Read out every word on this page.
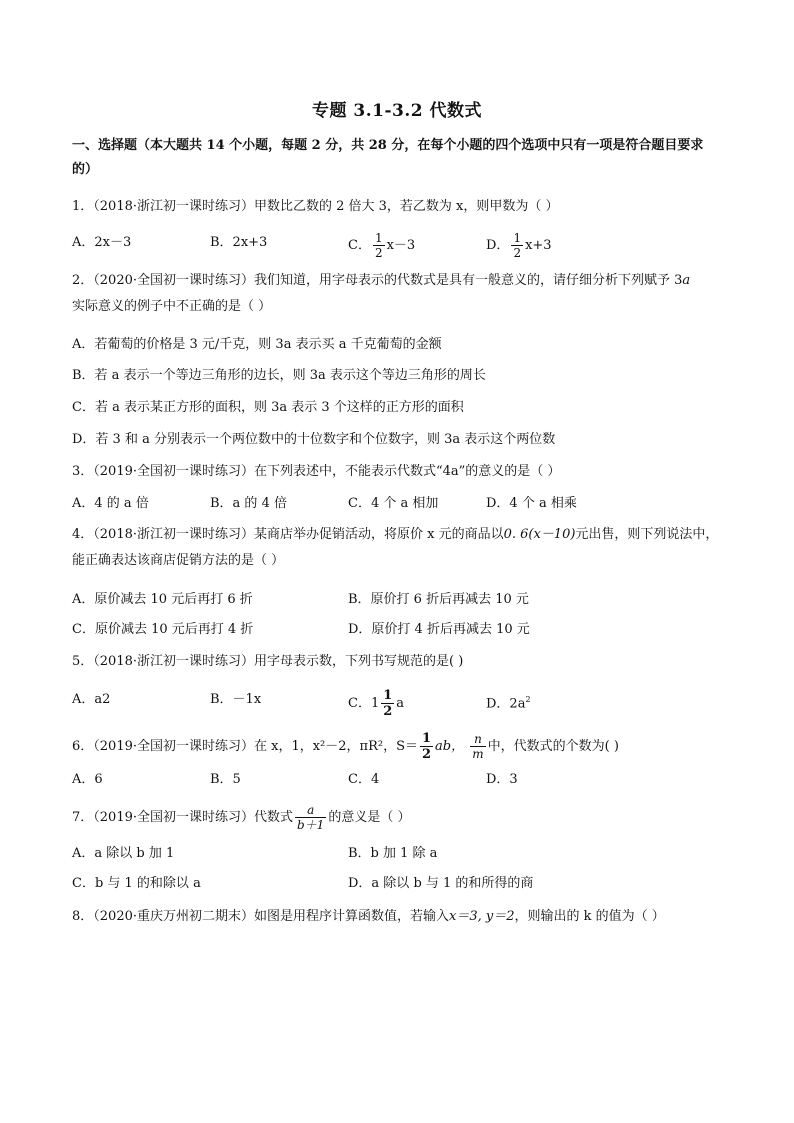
专题 3.1-3.2 代数式
一、选择题（本大题共 14 个小题，每题 2 分，共 28 分，在每个小题的四个选项中只有一项是符合题目要求的）
1．（2018·浙江初一课时练习）甲数比乙数的 2 倍大 3，若乙数为 x，则甲数为（ ）
A．2x－3	B．2x+3	C． $\frac{1}{2} x-3$	D． $\frac{1}{2} x+3$
2．（2020·全国初一课时练习）我们知道，用字母表示的代数式是具有一般意义的，请仔细分析下列赋予 3a
实际意义的例子中不正确的是（ ）
A．若葡萄的价格是 3 元/千克，则 3a 表示买 a 千克葡萄的金额
B．若 a 表示一个等边三角形的边长，则 3a 表示这个等边三角形的周长
C．若 a 表示某正方形的面积，则 3a 表示 3 个这样的正方形的面积
D．若 3 和 a 分别表示一个两位数中的十位数字和个位数字，则 3a 表示这个两位数
3．（2019·全国初一课时练习）在下列表述中，不能表示代数式“4a”的意义的是（ ）
A．4 的 a 倍	B．a 的 4 倍	C．4 个 a 相加	D．4 个 a 相乘
4．（2018·浙江初一课时练习）某商店举办促销活动，将原价 x 元的商品以0. 6(x－10)元出售，则下列说法中，能正确表达该商店促销方法的是（ ）
A．原价减去 10 元后再打 6 折	B．原价打 6 折后再减去 10 元
C．原价减去 10 元后再打 4 折	D．原价打 4 折后再减去 10 元
5．（2018·浙江初一课时练习）用字母表示数，下列书写规范的是( )
A．a2	B．－1x	C．$1 \frac{1}{2}$ a	D．$2a^2$
6．（2019·全国初一课时练习）在 x，1，x²－2，πR²，$S= \frac{1}{2}$ ab， $\frac{n}{m}$ 中，代数式的个数为( )
A．6	B．5	C．4	D．3
7．（2019·全国初一课时练习）代数式 $\frac{a}{b+1}$ 的意义是（ ）
A．a 除以 b 加 1	B．b 加 1 除 a
C．b 与 1 的和除以 a	D．a 除以 b 与 1 的和所得的商
8．（2020·重庆万州初二期末）如图是用程序计算函数值，若输入x＝3, y＝2，则输出的 k 的值为（ ）
